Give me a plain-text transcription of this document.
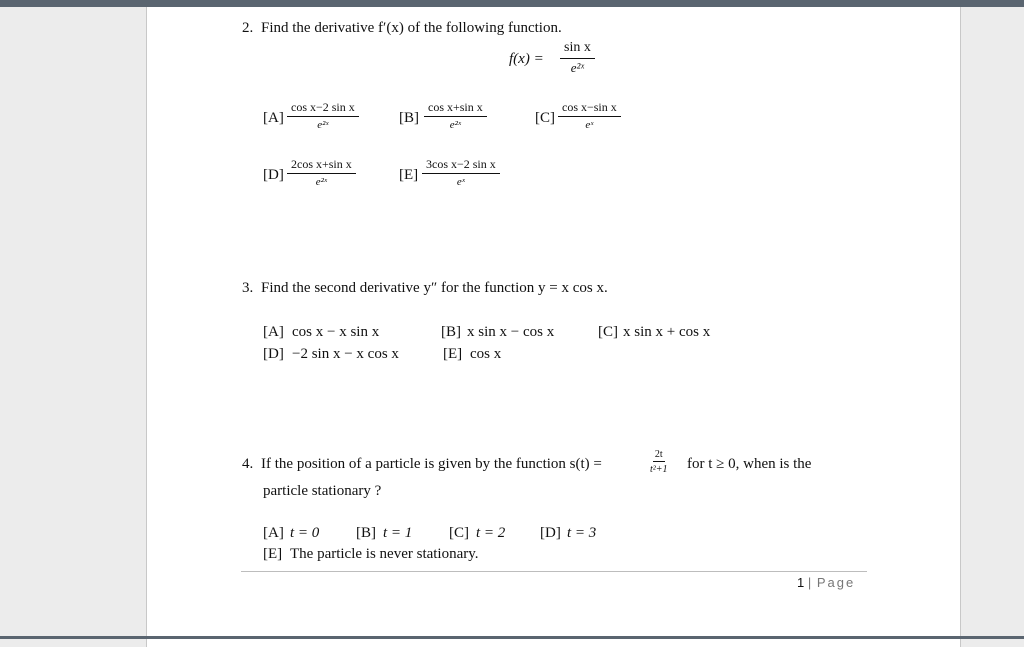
2. Find the derivative f′(x) of the following function.
$f(x) = \frac{\text{sin x}}{\text{e²ˣ}}$
$[A] \frac{\text{cos x−2 sin x}}{\text{e²ˣ}}$	$[B] \frac{\text{cos x+sin x}}{\text{e²ˣ}}$	$[C] \frac{\text{cos x−sin x}}{\text{eˣ}}$
$[D] \frac{\text{2cos x+sin x}}{\text{e²ˣ}}$	$[E] \frac{\text{3cos x−2 sin x}}{\text{eˣ}}$
3. Find the second derivative y″ for the function y = x cos x.
[A] cos x − x sin x	[B] x sin x − cos x	[C] x sin x + cos x
[D] −2 sin x − x cos x	[E] cos x
4. If the position of a particle is given by the function s(t) =	$\frac{2t}{\text{t²+1}}$ for t ≥ 0, when is the
particle stationary ?
[A] t = 0 [B] t = 1 [C] t = 2 [D] t = 3
[E] The particle is never stationary.
1 | Page
